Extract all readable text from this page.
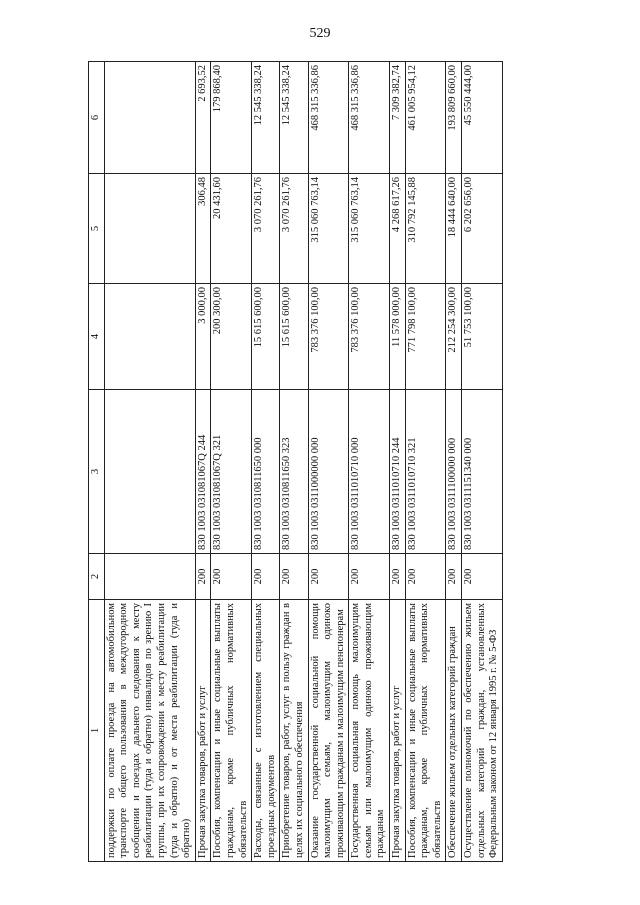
529
1	2	3	4	5	6
поддержки по оплате проезда на автомобильном транспорте общего пользования в междугородном сообщении и поездах дальнего следования к месту реабилитации (туда и обратно) инвалидов по зрению I группы, при их сопровождении к месту реабилитации (туда и обратно) и от места реабилитации (туда и обратно)					
Прочая закупка товаров, работ и услуг	200	830 1003 031081067Q 244	3 000,00	306,48	2 693,52
Пособия, компенсации и иные социальные выплаты гражданам, кроме публичных нормативных обязательств	200	830 1003 031081067Q 321	200 300,00	20 431,60	179 868,40
Расходы, связанные с изготовлением специальных проездных документов	200	830 1003 0310811650 000	15 615 600,00	3 070 261,76	12 545 338,24
Приобретение товаров, работ, услуг в пользу граждан в целях их социального обеспечения	200	830 1003 0310811650 323	15 615 600,00	3 070 261,76	12 545 338,24
Оказание государственной социальной помощи малоимущим семьям, малоимущим одиноко проживающим гражданам и малоимущим пенсионерам	200	830 1003 0311000000 000	783 376 100,00	315 060 763,14	468 315 336,86
Государственная социальная помощь малоимущим семьям или малоимущим одиноко проживающим гражданам	200	830 1003 0311010710 000	783 376 100,00	315 060 763,14	468 315 336,86
Прочая закупка товаров, работ и услуг	200	830 1003 0311010710 244	11 578 000,00	4 268 617,26	7 309 382,74
Пособия, компенсации и иные социальные выплаты гражданам, кроме публичных нормативных обязательств	200	830 1003 0311010710 321	771 798 100,00	310 792 145,88	461 005 954,12
Обеспечение жильем отдельных категорий граждан	200	830 1003 0311100000 000	212 254 300,00	18 444 640,00	193 809 660,00
Осуществление полномочий по обеспечению жильем отдельных категорий граждан, установленных Федеральным законом от 12 января 1995 г. № 5-ФЗ	200	830 1003 0311151340 000	51 753 100,00	6 202 656,00	45 550 444,00
